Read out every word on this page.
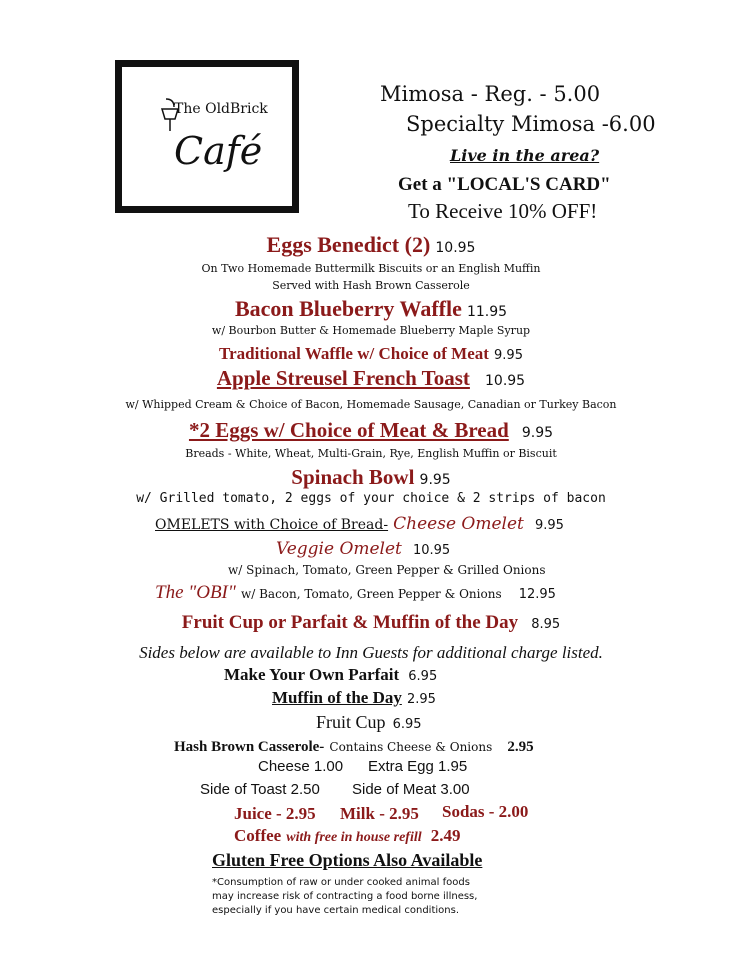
The OldBrick
Café
Mimosa - Reg. - 5.00
Specialty Mimosa -6.00
Live in the area?
Get a "LOCAL'S CARD"
To Receive 10% OFF!
Eggs Benedict (2) 10.95
On Two Homemade Buttermilk Biscuits or an English Muffin
Served with Hash Brown Casserole
Bacon Blueberry Waffle 11.95
w/ Bourbon Butter & Homemade Blueberry Maple Syrup
Traditional Waffle w/ Choice of Meat 9.95
Apple Streusel French Toast 10.95
w/ Whipped Cream & Choice of Bacon, Homemade Sausage, Canadian or Turkey Bacon
*2 Eggs w/ Choice of Meat & Bread 9.95
Breads - White, Wheat, Multi-Grain, Rye, English Muffin or Biscuit
Spinach Bowl 9.95
w/ Grilled tomato, 2 eggs of your choice & 2 strips of bacon
OMELETS with Choice of Bread- Cheese Omelet 9.95
Veggie Omelet 10.95
w/ Spinach, Tomato, Green Pepper & Grilled Onions
The "OBI" w/ Bacon, Tomato, Green Pepper & Onions 12.95
Fruit Cup or Parfait & Muffin of the Day 8.95
Sides below are available to Inn Guests for additional charge listed.
Make Your Own Parfait 6.95
Muffin of the Day 2.95
Fruit Cup 6.95
Hash Brown Casserole- Contains Cheese & Onions 2.95
Cheese 1.00 Extra Egg 1.95
Side of Toast 2.50 Side of Meat 3.00
Juice - 2.95 Milk - 2.95 Sodas - 2.00
Coffee with free in house refill 2.49
Gluten Free Options Also Available
*Consumption of raw or under cooked animal foods
may increase risk of contracting a food borne illness,
especially if you have certain medical conditions.
